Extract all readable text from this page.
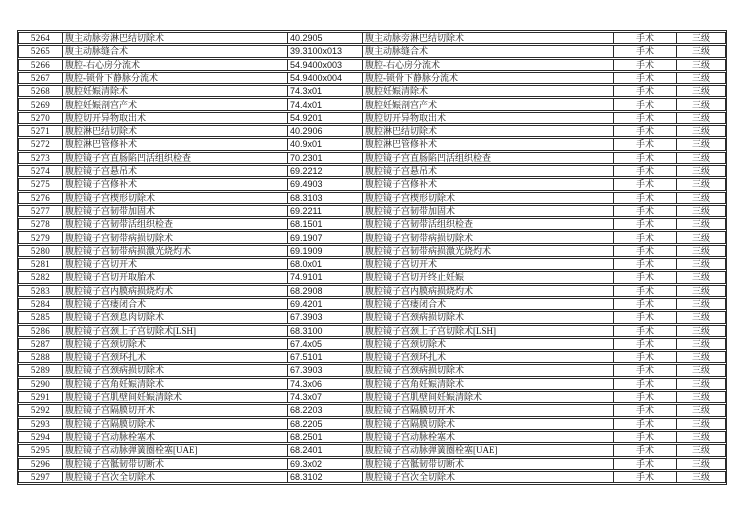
5264	腹主动脉旁淋巴结切除术	40.2905	腹主动脉旁淋巴结切除术	手术	三级
5265	腹主动脉缝合术	39.3100x013	腹主动脉缝合术	手术	三级
5266	腹腔-右心房分流术	54.9400x003	腹腔-右心房分流术	手术	三级
5267	腹腔-锁骨下静脉分流术	54.9400x004	腹腔-锁骨下静脉分流术	手术	三级
5268	腹腔妊娠清除术	74.3x01	腹腔妊娠清除术	手术	三级
5269	腹腔妊娠剖宫产术	74.4x01	腹腔妊娠剖宫产术	手术	三级
5270	腹腔切开异物取出术	54.9201	腹腔切开异物取出术	手术	三级
5271	腹腔淋巴结切除术	40.2906	腹腔淋巴结切除术	手术	三级
5272	腹腔淋巴管修补术	40.9x01	腹腔淋巴管修补术	手术	三级
5273	腹腔镜子宫直肠陷凹活组织检查	70.2301	腹腔镜子宫直肠陷凹活组织检查	手术	三级
5274	腹腔镜子宫悬吊术	69.2212	腹腔镜子宫悬吊术	手术	三级
5275	腹腔镜子宫修补术	69.4903	腹腔镜子宫修补术	手术	三级
5276	腹腔镜子宫楔形切除术	68.3103	腹腔镜子宫楔形切除术	手术	三级
5277	腹腔镜子宫韧带加固术	69.2211	腹腔镜子宫韧带加固术	手术	三级
5278	腹腔镜子宫韧带活组织检查	68.1501	腹腔镜子宫韧带活组织检查	手术	三级
5279	腹腔镜子宫韧带病损切除术	69.1907	腹腔镜子宫韧带病损切除术	手术	三级
5280	腹腔镜子宫韧带病损激光烧灼术	69.1909	腹腔镜子宫韧带病损激光烧灼术	手术	三级
5281	腹腔镜子宫切开术	68.0x01	腹腔镜子宫切开术	手术	三级
5282	腹腔镜子宫切开取胎术	74.9101	腹腔镜子宫切开终止妊娠	手术	三级
5283	腹腔镜子宫内膜病损烧灼术	68.2908	腹腔镜子宫内膜病损烧灼术	手术	三级
5284	腹腔镜子宫瘘闭合术	69.4201	腹腔镜子宫瘘闭合术	手术	三级
5285	腹腔镜子宫颈息肉切除术	67.3903	腹腔镜子宫颈病损切除术	手术	三级
5286	腹腔镜子宫颈上子宫切除术[LSH]	68.3100	腹腔镜子宫颈上子宫切除术[LSH]	手术	三级
5287	腹腔镜子宫颈切除术	67.4x05	腹腔镜子宫颈切除术	手术	三级
5288	腹腔镜子宫颈环扎术	67.5101	腹腔镜子宫颈环扎术	手术	三级
5289	腹腔镜子宫颈病损切除术	67.3903	腹腔镜子宫颈病损切除术	手术	三级
5290	腹腔镜子宫角妊娠清除术	74.3x06	腹腔镜子宫角妊娠清除术	手术	三级
5291	腹腔镜子宫肌壁间妊娠清除术	74.3x07	腹腔镜子宫肌壁间妊娠清除术	手术	三级
5292	腹腔镜子宫隔膜切开术	68.2203	腹腔镜子宫隔膜切开术	手术	三级
5293	腹腔镜子宫隔膜切除术	68.2205	腹腔镜子宫隔膜切除术	手术	三级
5294	腹腔镜子宫动脉栓塞术	68.2501	腹腔镜子宫动脉栓塞术	手术	三级
5295	腹腔镜子宫动脉弹簧圈栓塞[UAE]	68.2401	腹腔镜子宫动脉弹簧圈栓塞[UAE]	手术	三级
5296	腹腔镜子宫骶韧带切断术	69.3x02	腹腔镜子宫骶韧带切断术	手术	三级
5297	腹腔镜子宫次全切除术	68.3102	腹腔镜子宫次全切除术	手术	三级
